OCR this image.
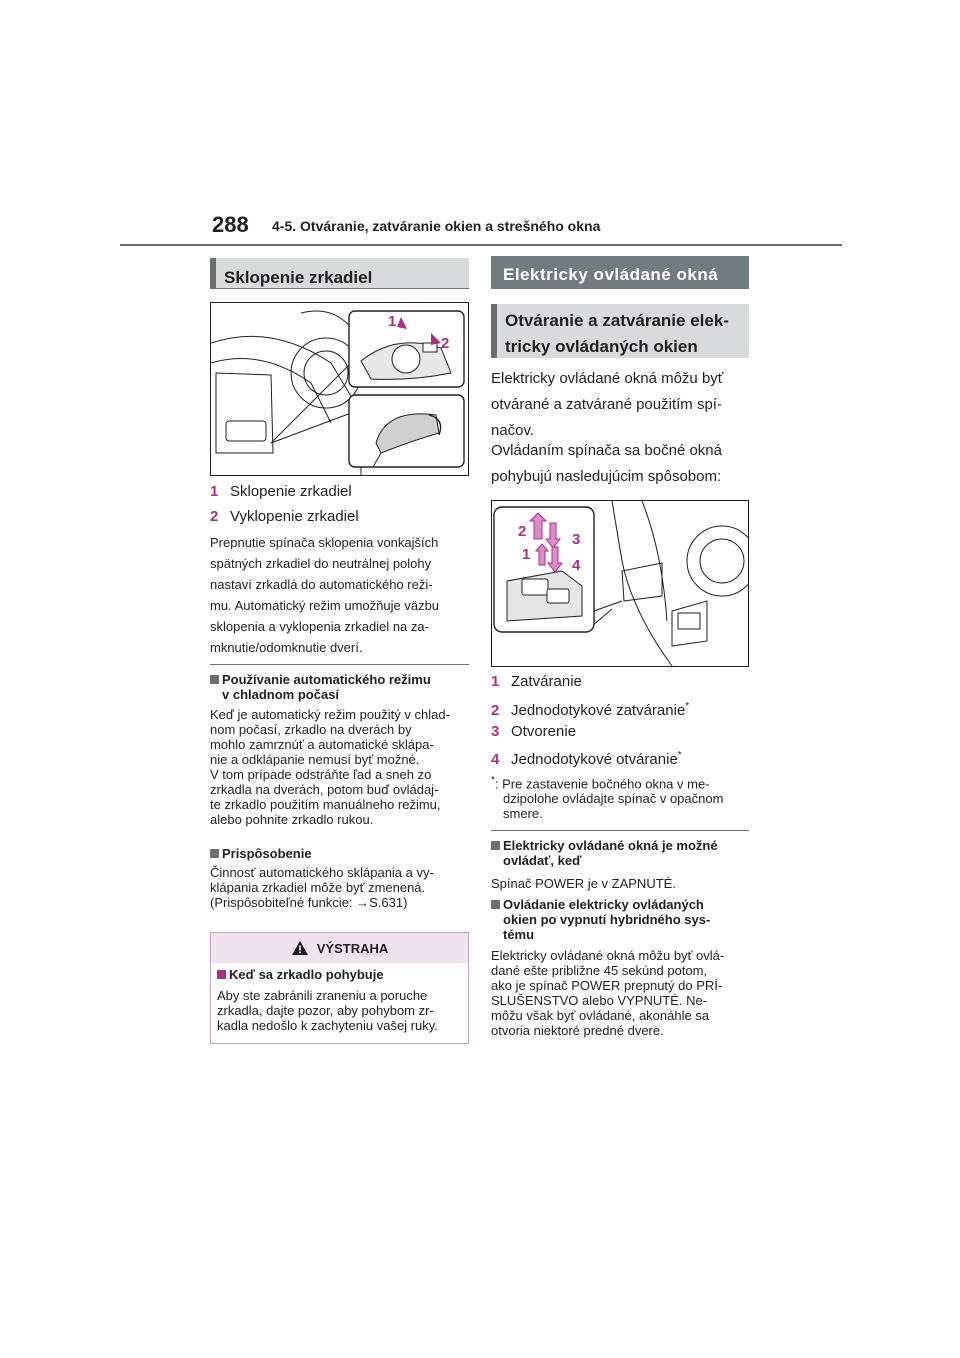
288 4-5. Otváranie, zatváranie okien a strešného okna
Sklopenie zrkadiel
1
2
1 Sklopenie zrkadiel
2 Vyklopenie zrkadiel
Prepnutie spínača sklopenia vonkajších
spätných zrkadiel do neutrálnej polohy
nastaví zrkadlá do automatického reži-
mu. Automatický režim umožňuje väzbu
sklopenia a vyklopenia zrkadiel na za-
mknutie/odomknutie dverí.
Používanie automatického režimu
v chladnom počasí
Keď je automatický režim použitý v chlad-
nom počasí, zrkadlo na dverách by
mohlo zamrznúť a automatické sklápa-
nie a odklápanie nemusí byť možné.
V tom prípade odstráňte ľad a sneh zo
zrkadla na dverách, potom buď ovládaj-
te zrkadlo použitím manuálneho režimu,
alebo pohnite zrkadlo rukou.
Prispôsobenie
Činnosť automatického sklápania a vy-
klápania zrkadiel môže byť zmenená.
(Prispôsobiteľné funkcie: →S.631)
VÝSTRAHA
Keď sa zrkadlo pohybuje
Aby ste zabránili zraneniu a poruche
zrkadla, dajte pozor, aby pohybom zr-
kadla nedošlo k zachyteniu vašej ruky.
Elektricky ovládané okná
Otváranie a zatváranie elek-
tricky ovládaných okien
Elektricky ovládané okná môžu byť
otvárané a zatvárané použitím spí-
načov.
Ovládaním spínača sa bočné okná
pohybujú nasledujúcim spôsobom:
2	3
1
4
1 Zatváranie
2 Jednodotykové zatváranie*
3 Otvorenie
4 Jednodotykové otváranie*
*: Pre zastavenie bočného okna v me-
dzipolohe ovládajte spínač v opačnom
smere.
Elektricky ovládané okná je možné
ovládať, keď
Spínač POWER je v ZAPNUTÉ.
Ovládanie elektricky ovládaných
okien po vypnutí hybridného sys-
tému
Elektricky ovládané okná môžu byť ovlá-
dané ešte približne 45 sekúnd potom,
ako je spínač POWER prepnutý do PRÍ-
SLUŠENSTVO alebo VYPNUTÉ. Ne-
môžu však byť ovládané, akonáhle sa
otvoria niektoré predné dvere.
